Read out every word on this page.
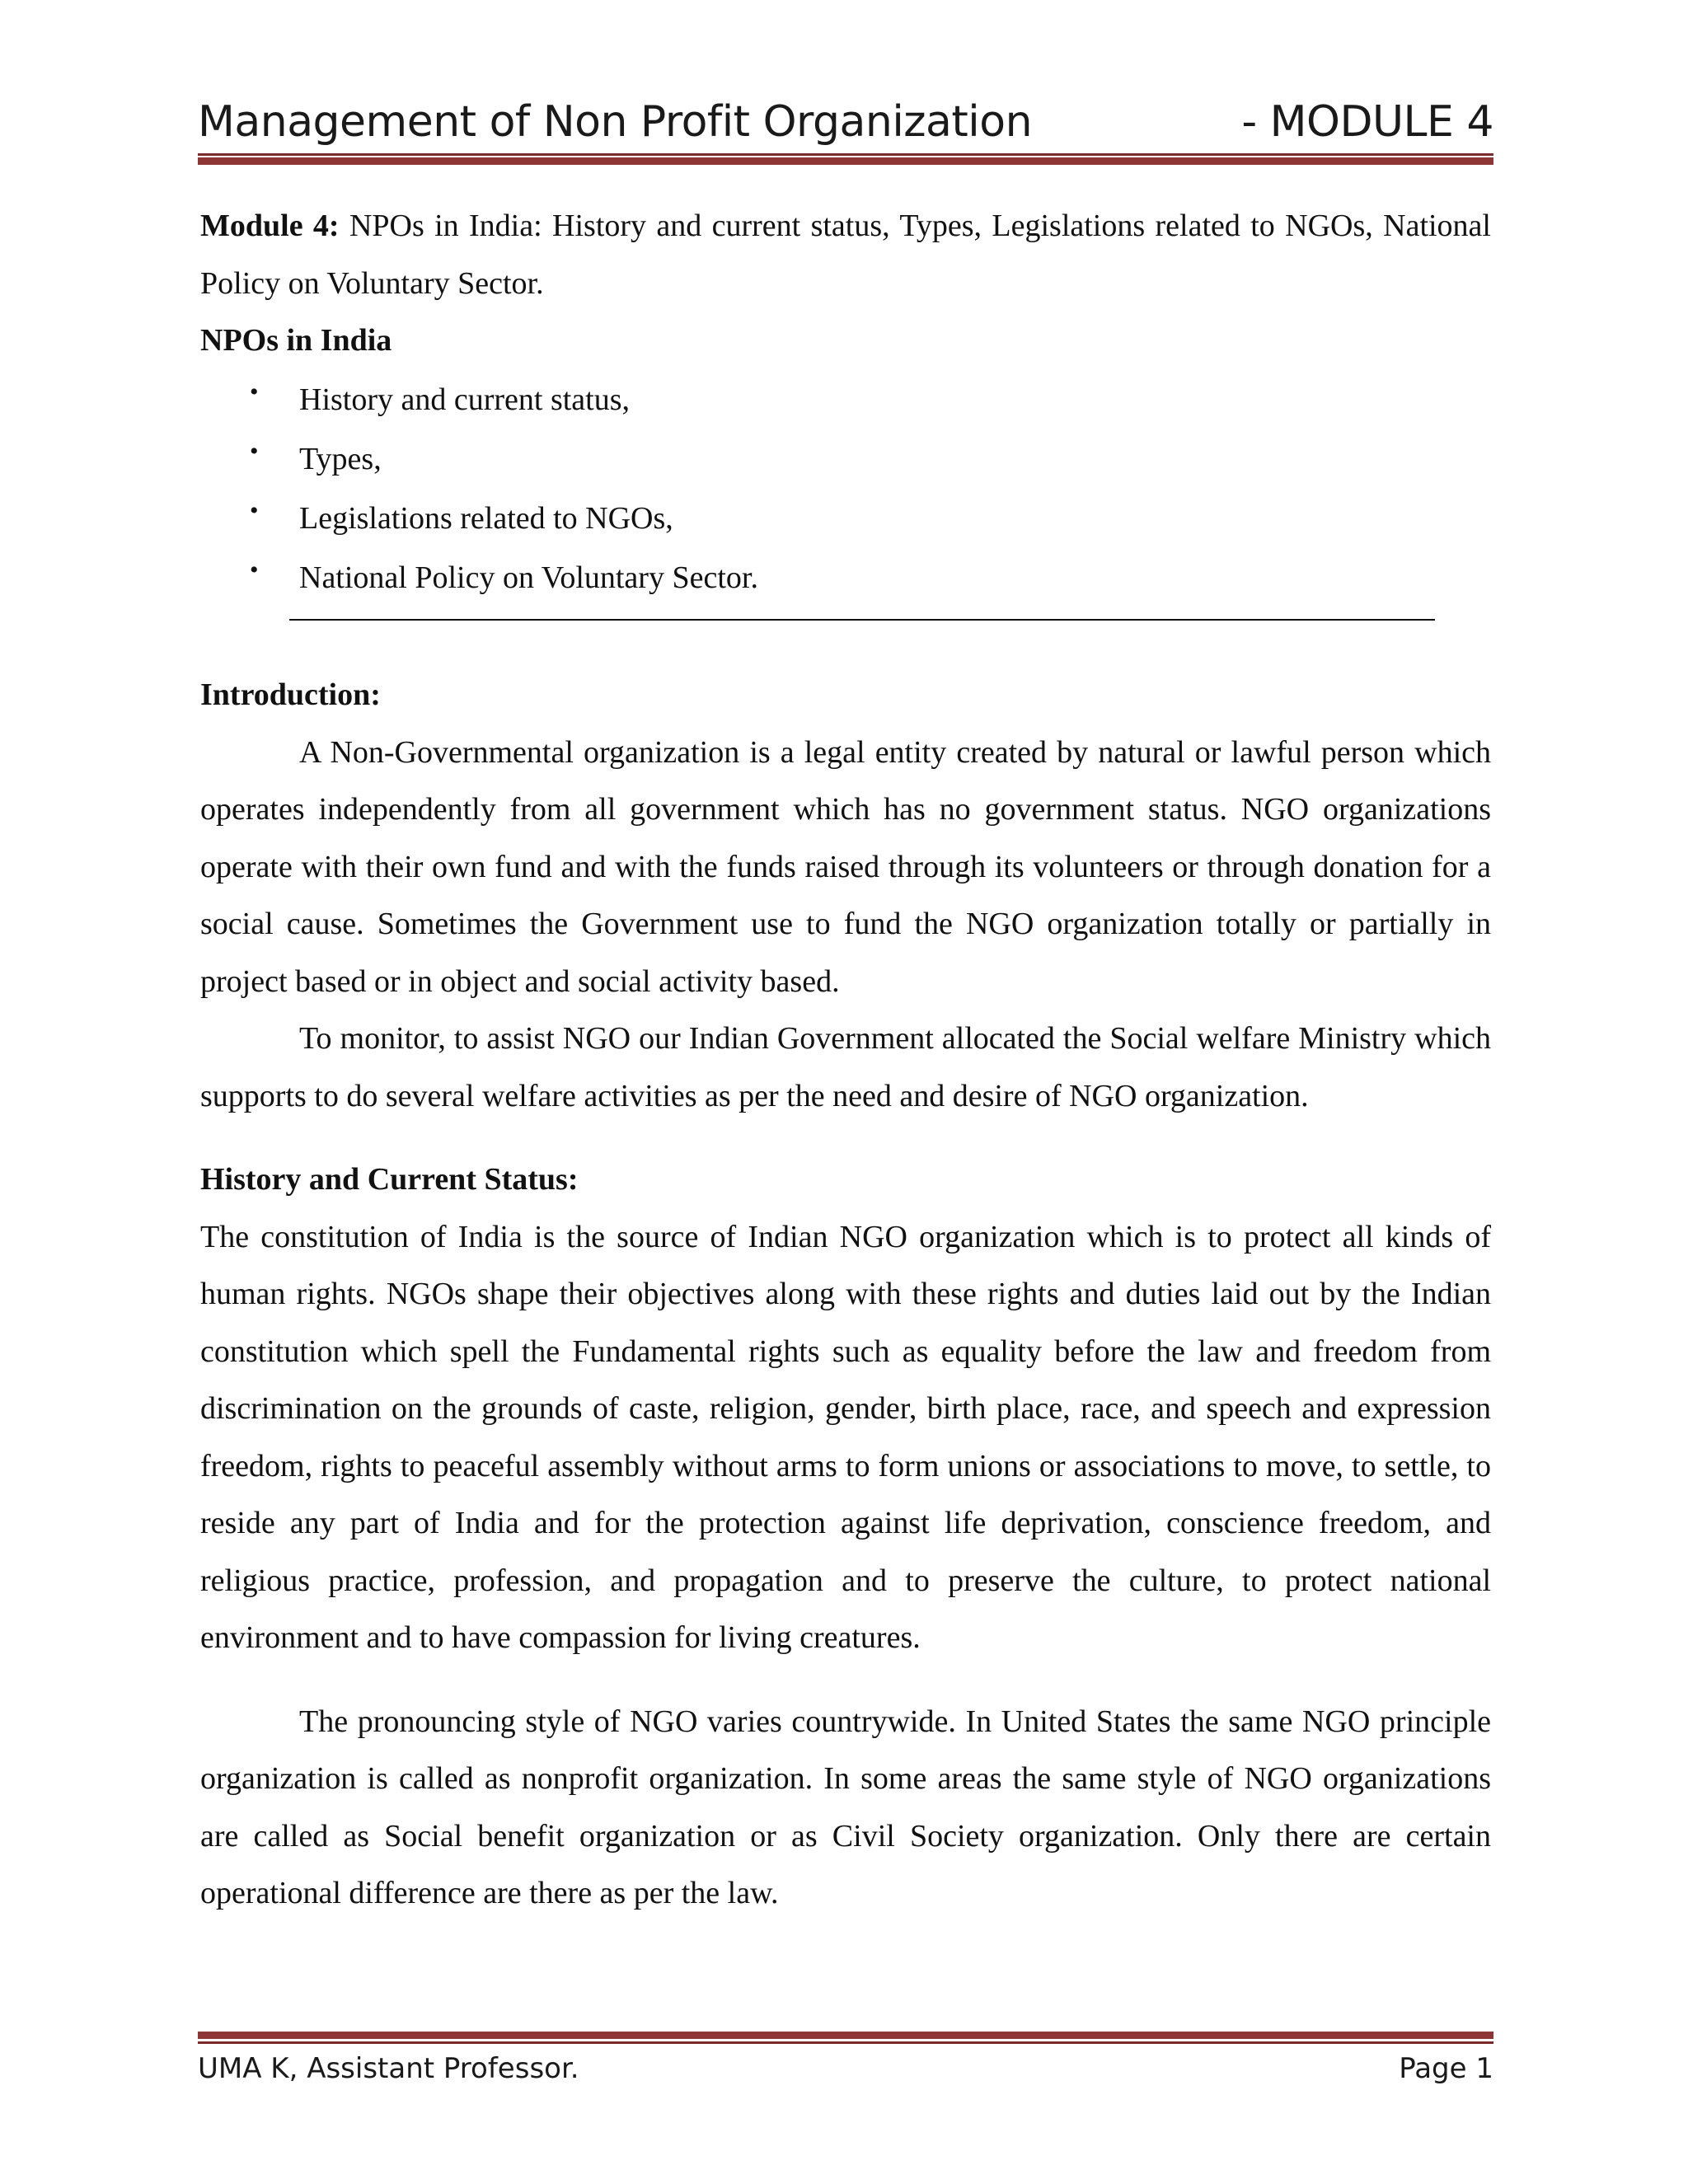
Management of Non Profit Organization	- MODULE 4

Module 4: NPOs in India: History and current status, Types, Legislations related to NGOs, National Policy on Voluntary Sector.

NPOs in India

• History and current status,
• Types,
• Legislations related to NGOs,
• National Policy on Voluntary Sector.

Introduction:

A Non-Governmental organization is a legal entity created by natural or lawful person which operates independently from all government which has no government status. NGO organizations operate with their own fund and with the funds raised through its volunteers or through donation for a social cause. Sometimes the Government use to fund the NGO organization totally or partially in project based or in object and social activity based.

To monitor, to assist NGO our Indian Government allocated the Social welfare Ministry which supports to do several welfare activities as per the need and desire of NGO organization.

History and Current Status:

The constitution of India is the source of Indian NGO organization which is to protect all kinds of human rights. NGOs shape their objectives along with these rights and duties laid out by the Indian constitution which spell the Fundamental rights such as equality before the law and freedom from discrimination on the grounds of caste, religion, gender, birth place, race, and speech and expression freedom, rights to peaceful assembly without arms to form unions or associations to move, to settle, to reside any part of India and for the protection against life deprivation, conscience freedom, and religious practice, profession, and propagation and to preserve the culture, to protect national environment and to have compassion for living creatures.

The pronouncing style of NGO varies countrywide. In United States the same NGO principle organization is called as nonprofit organization. In some areas the same style of NGO organizations are called as Social benefit organization or as Civil Society organization. Only there are certain operational difference are there as per the law.

UMA K, Assistant Professor.	Page 1
